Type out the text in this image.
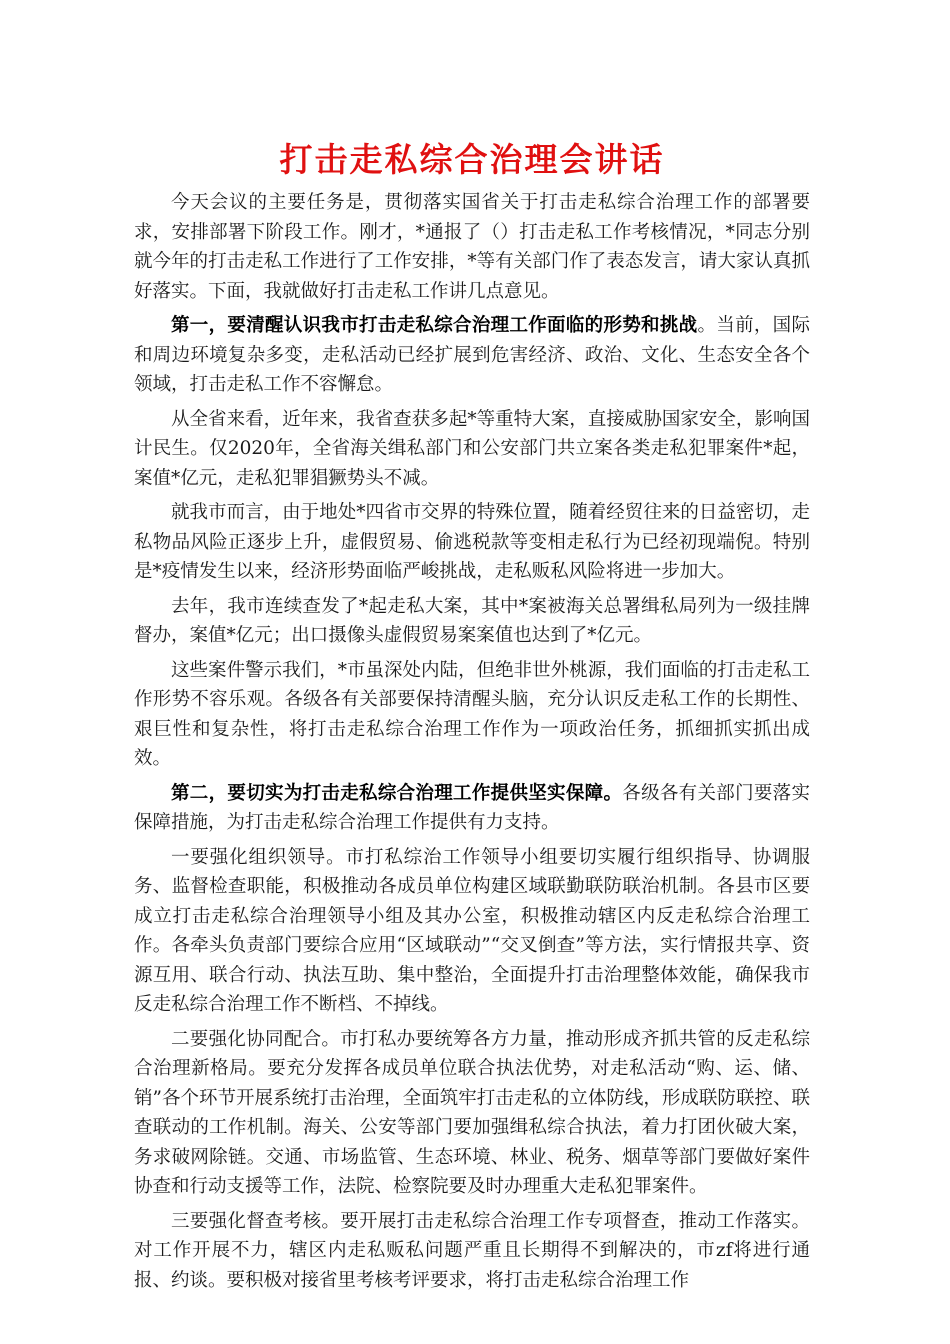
打击走私综合治理会讲话

今天会议的主要任务是，贯彻落实国省关于打击走私综合治理工作的部署要求，安排部署下阶段工作。刚才，*通报了（）打击走私工作考核情况，*同志分别就今年的打击走私工作进行了工作安排，*等有关部门作了表态发言，请大家认真抓好落实。下面，我就做好打击走私工作讲几点意见。

第一，要清醒认识我市打击走私综合治理工作面临的形势和挑战。当前，国际和周边环境复杂多变，走私活动已经扩展到危害经济、政治、文化、生态安全各个领域，打击走私工作不容懈怠。

从全省来看，近年来，我省查获多起*等重特大案，直接威胁国家安全，影响国计民生。仅2020年，全省海关缉私部门和公安部门共立案各类走私犯罪案件*起，案值*亿元，走私犯罪猖獗势头不减。

就我市而言，由于地处*四省市交界的特殊位置，随着经贸往来的日益密切，走私物品风险正逐步上升，虚假贸易、偷逃税款等变相走私行为已经初现端倪。特别是*疫情发生以来，经济形势面临严峻挑战，走私贩私风险将进一步加大。

去年，我市连续查发了*起走私大案，其中*案被海关总署缉私局列为一级挂牌督办，案值*亿元；出口摄像头虚假贸易案案值也达到了*亿元。

这些案件警示我们，*市虽深处内陆，但绝非世外桃源，我们面临的打击走私工作形势不容乐观。各级各有关部要保持清醒头脑，充分认识反走私工作的长期性、艰巨性和复杂性，将打击走私综合治理工作作为一项政治任务，抓细抓实抓出成效。

第二，要切实为打击走私综合治理工作提供坚实保障。各级各有关部门要落实保障措施，为打击走私综合治理工作提供有力支持。

一要强化组织领导。市打私综治工作领导小组要切实履行组织指导、协调服务、监督检查职能，积极推动各成员单位构建区域联勤联防联治机制。各县市区要成立打击走私综合治理领导小组及其办公室，积极推动辖区内反走私综合治理工作。各牵头负责部门要综合应用“区域联动”“交叉倒查”等方法，实行情报共享、资源互用、联合行动、执法互助、集中整治，全面提升打击治理整体效能，确保我市反走私综合治理工作不断档、不掉线。

二要强化协同配合。市打私办要统筹各方力量，推动形成齐抓共管的反走私综合治理新格局。要充分发挥各成员单位联合执法优势，对走私活动“购、运、储、销”各个环节开展系统打击治理，全面筑牢打击走私的立体防线，形成联防联控、联查联动的工作机制。海关、公安等部门要加强缉私综合执法，着力打团伙破大案，务求破网除链。交通、市场监管、生态环境、林业、税务、烟草等部门要做好案件协查和行动支援等工作，法院、检察院要及时办理重大走私犯罪案件。

三要强化督查考核。要开展打击走私综合治理工作专项督查，推动工作落实。对工作开展不力，辖区内走私贩私问题严重且长期得不到解决的，市zf将进行通报、约谈。要积极对接省里考核考评要求，将打击走私综合治理工作
